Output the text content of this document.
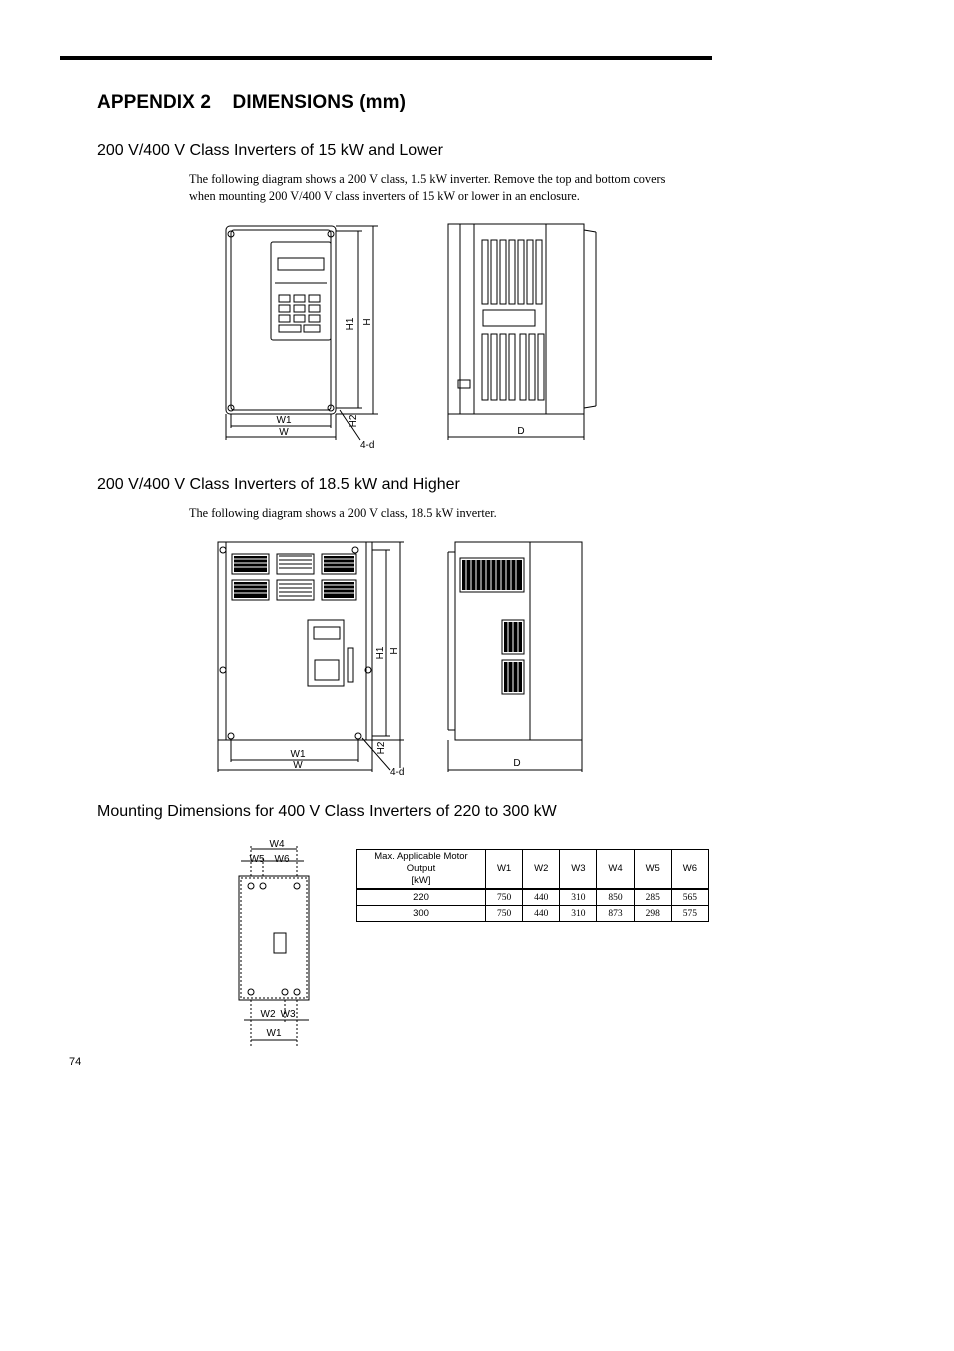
APPENDIX 2    DIMENSIONS (mm)
200 V/400 V Class Inverters of 15 kW and Lower
The following diagram shows a 200 V class, 1.5 kW inverter. Remove the top and bottom covers
when mounting 200 V/400 V class inverters of 15 kW or lower in an enclosure.
W1
W
H1 H
H2
4-d
D
200 V/400 V Class Inverters of 18.5 kW and Higher
The following diagram shows a 200 V class, 18.5 kW inverter.
W1
W
H1 H
H2
4-d
D
Mounting Dimensions for 400 V Class Inverters of 220 to 300 kW
W4
W5 W6
W2 W3
W1
Max. Applicable Motor
Output
[kW]	W1	W2	W3	W4	W5	W6
220	750	440	310	850	285	565
300	750	440	310	873	298	575
74
